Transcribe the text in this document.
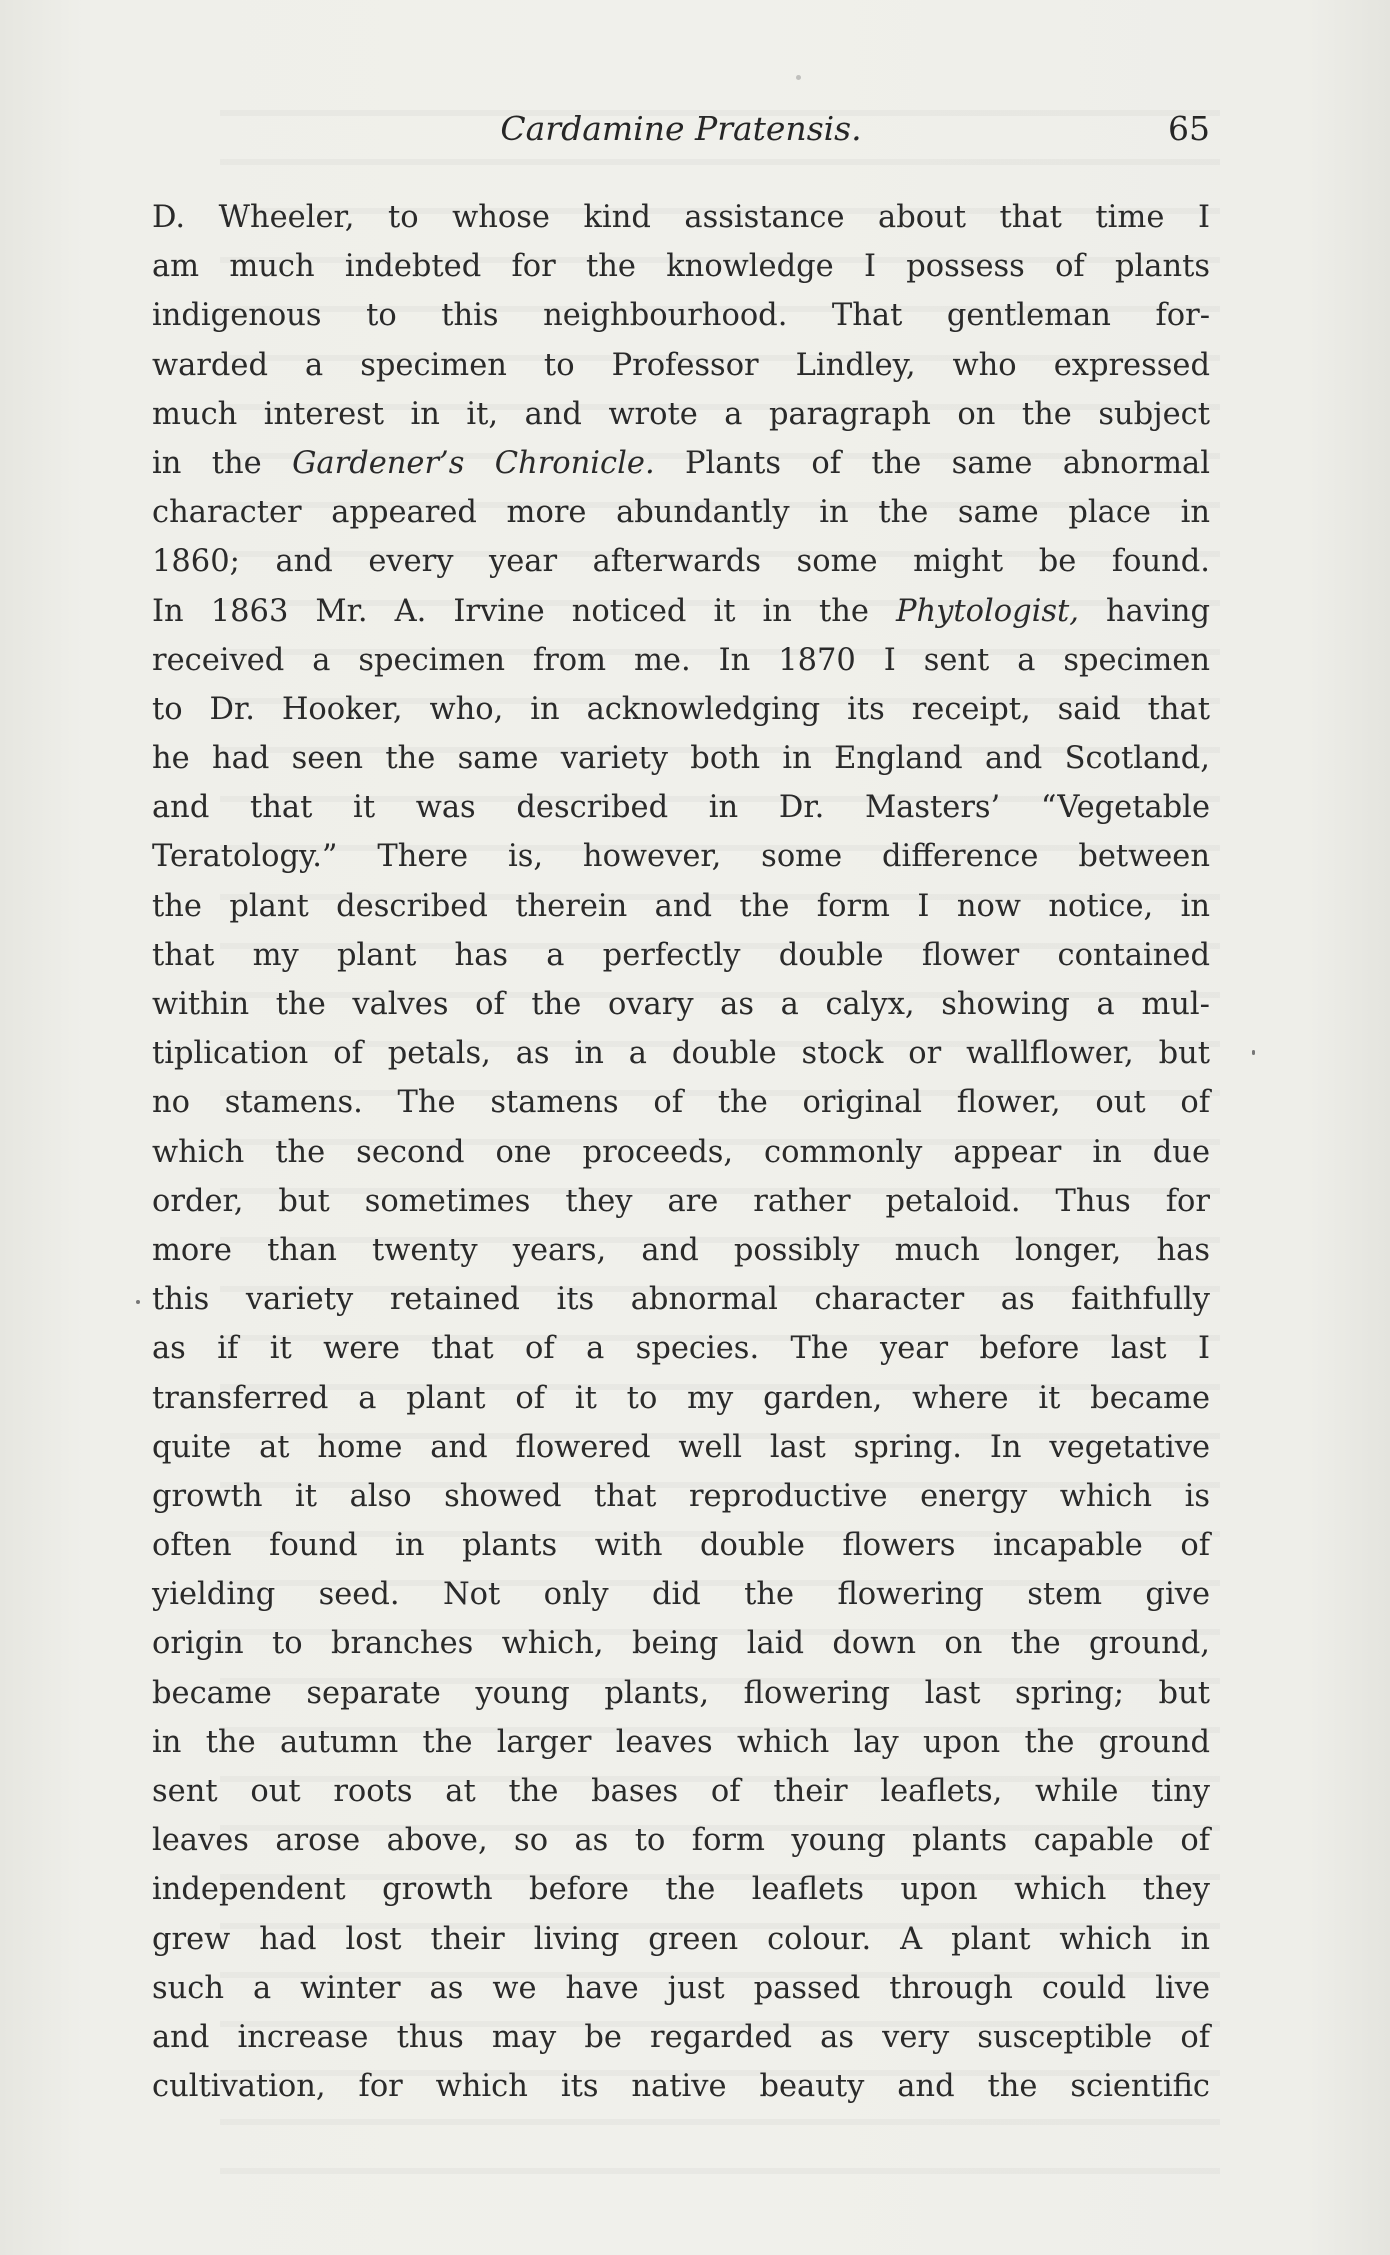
Cardamine Pratensis.	65
D. Wheeler, to whose kind assistance about that time I
am much indebted for the knowledge I possess of plants
indigenous to this neighbourhood. That gentleman for-
warded a specimen to Professor Lindley, who expressed
much interest in it, and wrote a paragraph on the subject
in the Gardener’s Chronicle. Plants of the same abnormal
character appeared more abundantly in the same place in
1860; and every year afterwards some might be found.
In 1863 Mr. A. Irvine noticed it in the Phytologist, having
received a specimen from me. In 1870 I sent a specimen
to Dr. Hooker, who, in acknowledging its receipt, said that
he had seen the same variety both in England and Scotland,
and that it was described in Dr. Masters’ “Vegetable
Teratology.” There is, however, some difference between
the plant described therein and the form I now notice, in
that my plant has a perfectly double flower contained
within the valves of the ovary as a calyx, showing a mul-
tiplication of petals, as in a double stock or wallflower, but
no stamens. The stamens of the original flower, out of
which the second one proceeds, commonly appear in due
order, but sometimes they are rather petaloid. Thus for
more than twenty years, and possibly much longer, has
this variety retained its abnormal character as faithfully
as if it were that of a species. The year before last I
transferred a plant of it to my garden, where it became
quite at home and flowered well last spring. In vegetative
growth it also showed that reproductive energy which is
often found in plants with double flowers incapable of
yielding seed. Not only did the flowering stem give
origin to branches which, being laid down on the ground,
became separate young plants, flowering last spring; but
in the autumn the larger leaves which lay upon the ground
sent out roots at the bases of their leaflets, while tiny
leaves arose above, so as to form young plants capable of
independent growth before the leaflets upon which they
grew had lost their living green colour. A plant which in
such a winter as we have just passed through could live
and increase thus may be regarded as very susceptible of
cultivation, for which its native beauty and the scientific
